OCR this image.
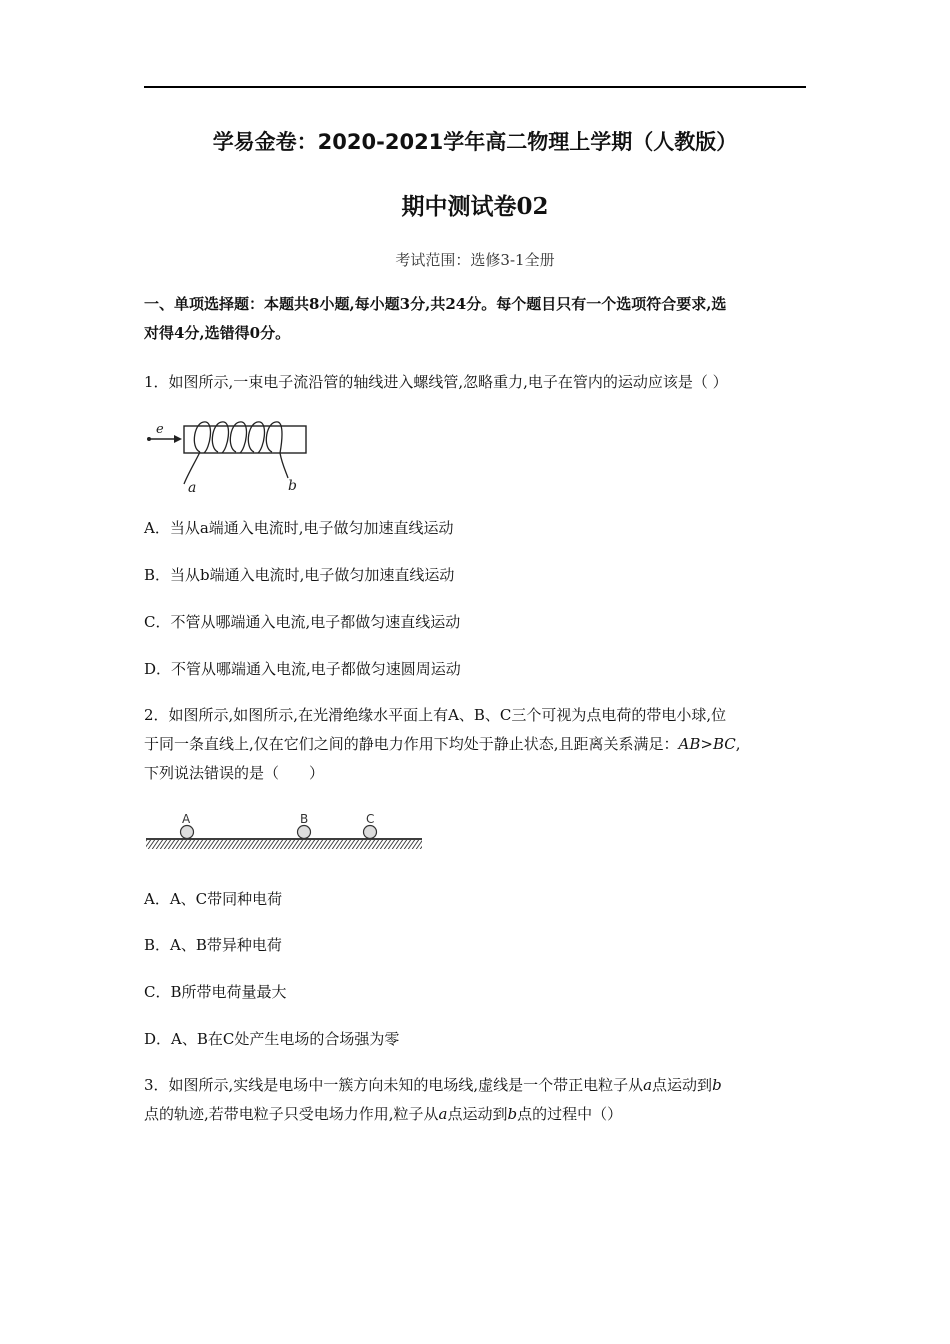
学易金卷：2020-2021学年高二物理上学期（人教版）
期中测试卷02
考试范围：选修3-1全册
一、单项选择题：本题共8小题,每小题3分,共24分。每个题目只有一个选项符合要求,选
对得4分,选错得0分。
1．如图所示,一束电子流沿管的轴线进入螺线管,忽略重力,电子在管内的运动应该是（ ）
e
a	b
A．当从a端通入电流时,电子做匀加速直线运动
B．当从b端通入电流时,电子做匀加速直线运动
C．不管从哪端通入电流,电子都做匀速直线运动
D．不管从哪端通入电流,电子都做匀速圆周运动
2．如图所示,如图所示,在光滑绝缘水平面上有A、B、C三个可视为点电荷的带电小球,位
于同一条直线上,仅在它们之间的静电力作用下均处于静止状态,且距离关系满足：AB>BC,
下列说法错误的是（　　）
A	B	C
A．A、C带同种电荷
B．A、B带异种电荷
C．B所带电荷量最大
D．A、B在C处产生电场的合场强为零
3．如图所示,实线是电场中一簇方向未知的电场线,虚线是一个带正电粒子从a点运动到b
点的轨迹,若带电粒子只受电场力作用,粒子从a点运动到b点的过程中（）
